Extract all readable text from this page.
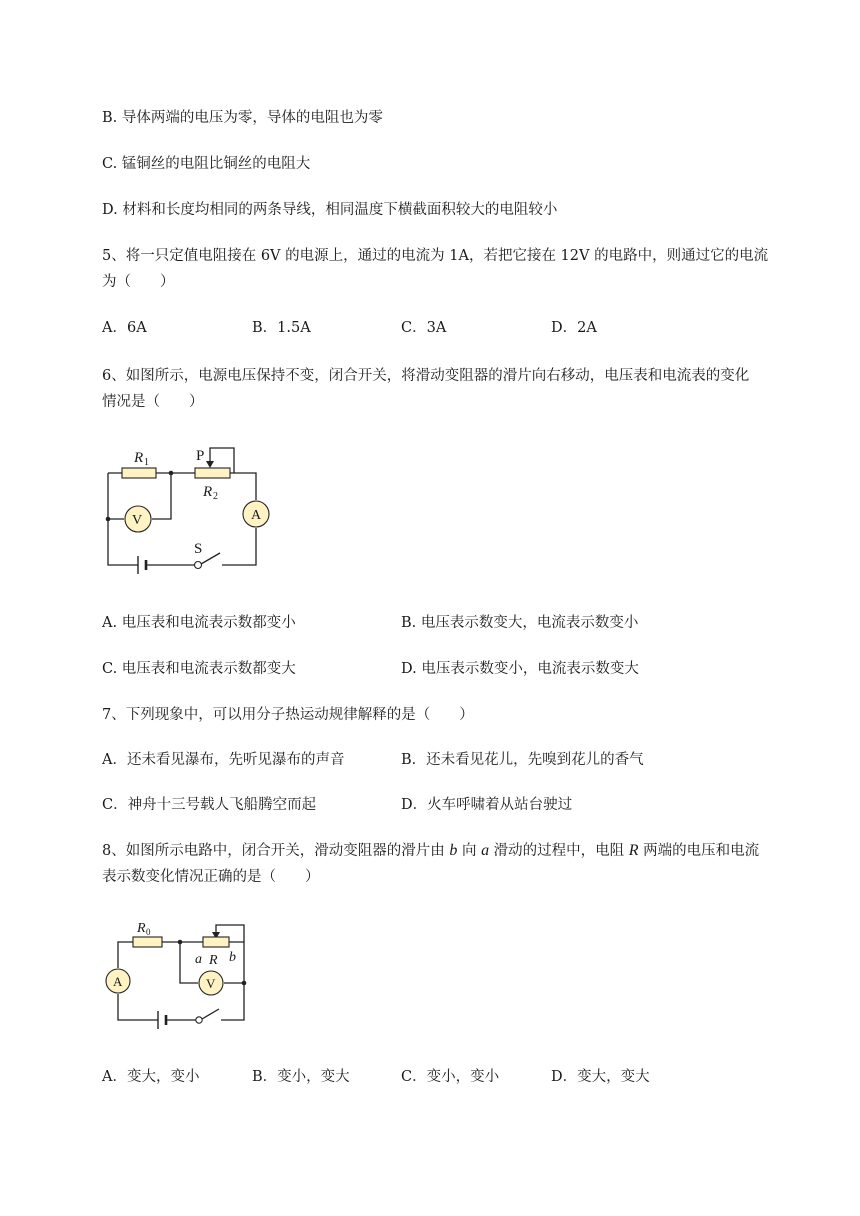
B. 导体两端的电压为零，导体的电阻也为零
C. 锰铜丝的电阻比铜丝的电阻大
D. 材料和长度均相同的两条导线，相同温度下横截面积较大的电阻较小
5、将一只定值电阻接在 6V 的电源上，通过的电流为 1A，若把它接在 12V 的电路中，则通过它的电流
为（　　）
A．6A	B．1.5A	C．3A	D．2A
6、如图所示，电源电压保持不变，闭合开关，将滑动变阻器的滑片向右移动，电压表和电流表的变化
情况是（　　）
R 1
R 2
P
V	A
S
A. 电压表和电流表示数都变小	B. 电压表示数变大，电流表示数变小
C. 电压表和电流表示数都变大	D. 电压表示数变小，电流表示数变大
7、下列现象中，可以用分子热运动规律解释的是（　　）
A．还未看见瀑布，先听见瀑布的声音	B．还未看见花儿，先嗅到花儿的香气
C．神舟十三号载人飞船腾空而起	D．火车呼啸着从站台驶过
8、如图所示电路中，闭合开关，滑动变阻器的滑片由 b 向 a 滑动的过程中，电阻 R 两端的电压和电流
表示数变化情况正确的是（　　）
R 0
a R b
A	V
A．变大，变小	B．变小，变大	C．变小，变小	D．变大，变大
